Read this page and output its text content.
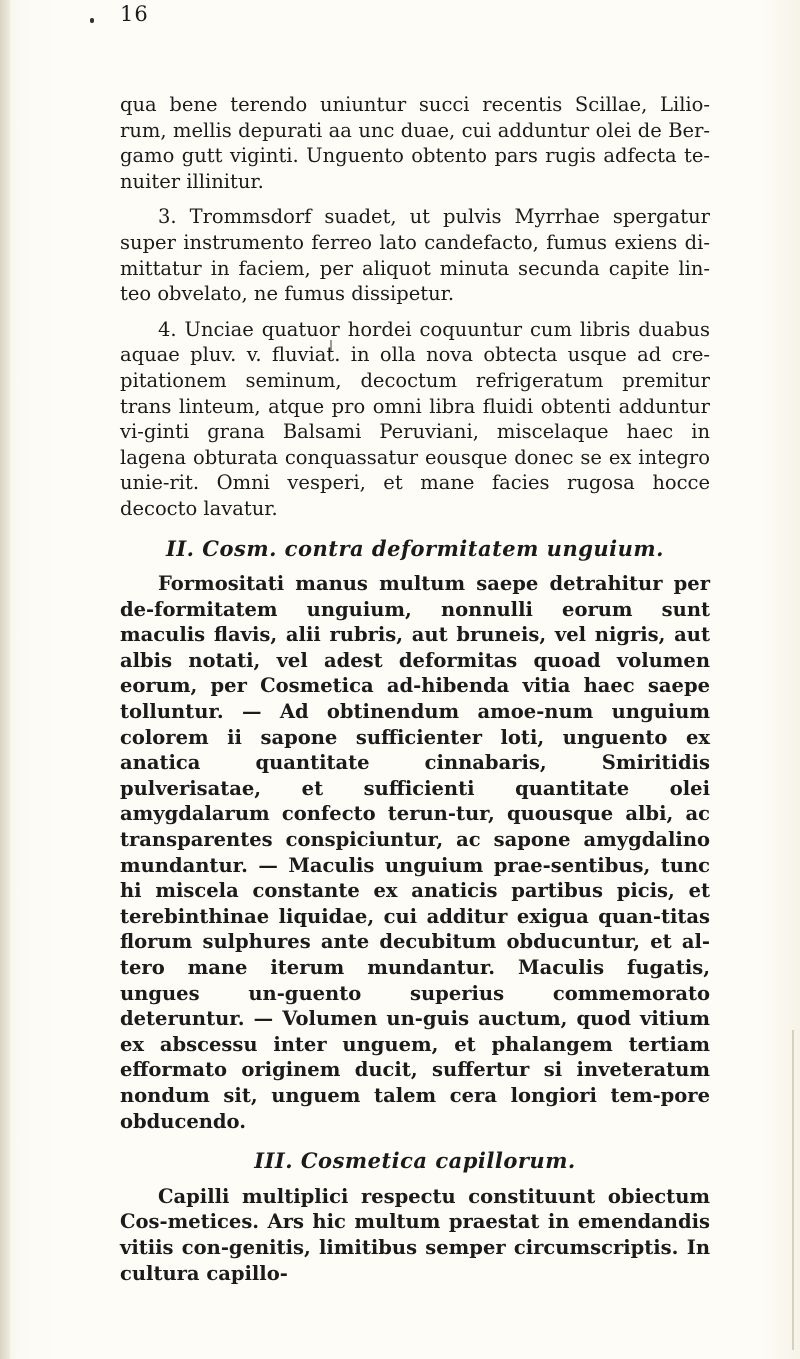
16

qua bene terendo uniuntur succi recentis Scillae, Lilio-rum, mellis depurati aa unc duae, cui adduntur olei de Ber-gamo gutt viginti. Unguento obtento pars rugis adfecta te-nuiter illinitur.

3. Trommsdorf suadet, ut pulvis Myrrhae spergatur super instrumento ferreo lato candefacto, fumus exiens di-mittatur in faciem, per aliquot minuta secunda capite lin-teo obvelato, ne fumus dissipetur.

4. Unciae quatuor hordei coquuntur cum libris duabus aquae pluv. v. fluviat. in olla nova obtecta usque ad cre-pitationem seminum, decoctum refrigeratum premitur trans linteum, atque pro omni libra fluidi obtenti adduntur vi-ginti grana Balsami Peruviani, miscelaque haec in lagena obturata conquassatur eousque donec se ex integro unie-rit. Omni vesperi, et mane facies rugosa hocce decocto lavatur.

II. Cosm. contra deformitatem unguium.

Formositati manus multum saepe detrahitur per de-formitatem unguium, nonnulli eorum sunt maculis flavis, alii rubris, aut bruneis, vel nigris, aut albis notati, vel adest deformitas quoad volumen eorum, per Cosmetica ad-hibenda vitia haec saepe tolluntur. — Ad obtinendum amoe-num unguium colorem ii sapone sufficienter loti, unguento ex anatica quantitate cinnabaris, Smiritidis pulverisatae, et sufficienti quantitate olei amygdalarum confecto terun-tur, quousque albi, ac transparentes conspiciuntur, ac sapone amygdalino mundantur. — Maculis unguium prae-sentibus, tunc hi miscela constante ex anaticis partibus picis, et terebinthinae liquidae, cui additur exigua quan-titas florum sulphures ante decubitum obducuntur, et al-tero mane iterum mundantur. Maculis fugatis, ungues un-guento superius commemorato deteruntur. — Volumen un-guis auctum, quod vitium ex abscessu inter unguem, et phalangem tertiam efformato originem ducit, suffertur si inveteratum nondum sit, unguem talem cera longiori tem-pore obducendo.

III. Cosmetica capillorum.

Capilli multiplici respectu constituunt obiectum Cos-metices. Ars hic multum praestat in emendandis vitiis con-genitis, limitibus semper circumscriptis. In cultura capillo-
